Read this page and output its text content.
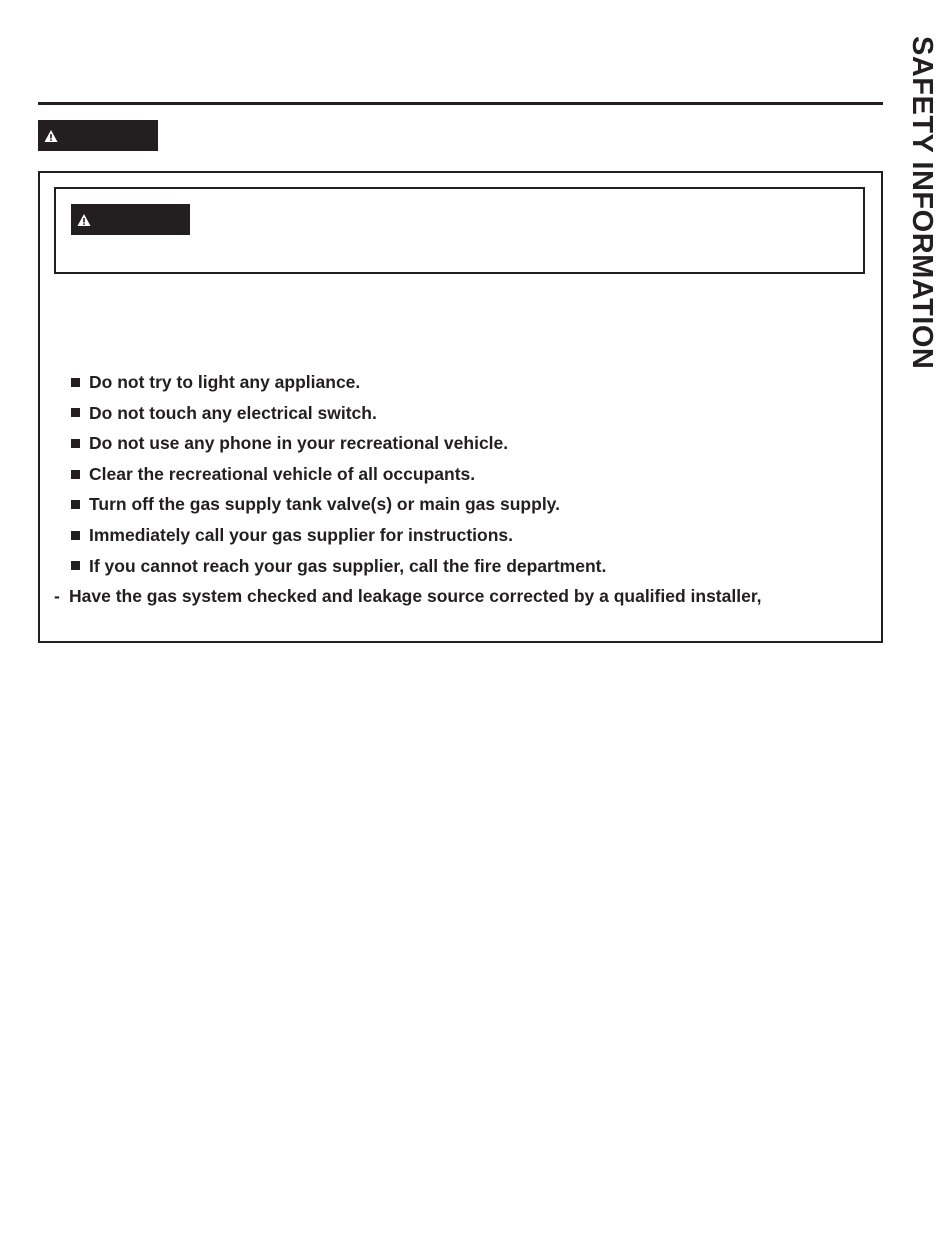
SAFETY INFORMATION
Do not try to light any appliance.
Do not touch any electrical switch.
Do not use any phone in your recreational vehicle.
Clear the recreational vehicle of all occupants.
Turn off the gas supply tank valve(s) or main gas supply.
Immediately call your gas supplier for instructions.
If you cannot reach your gas supplier, call the fire department.
- Have the gas system checked and leakage source corrected by a qualified installer,
